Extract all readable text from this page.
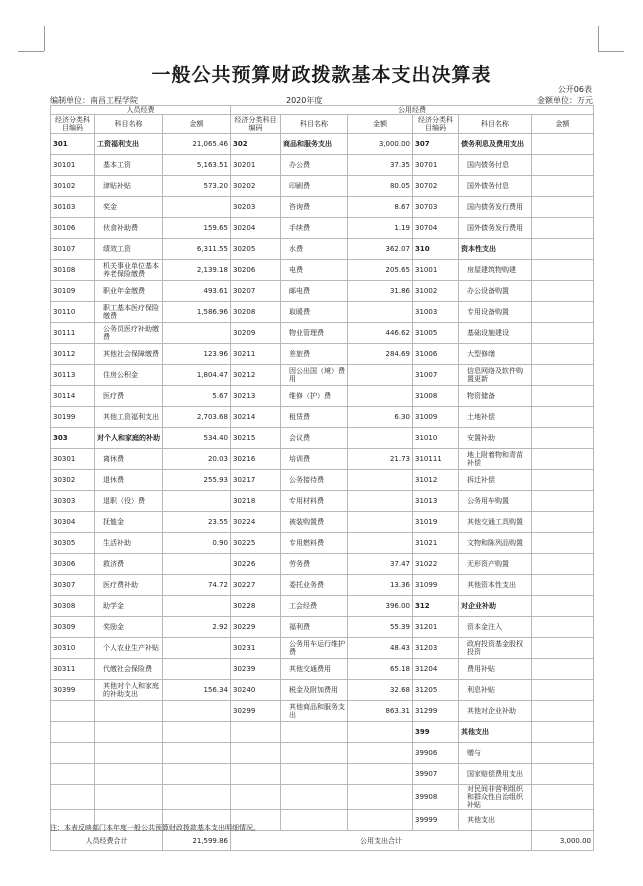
一般公共预算财政拨款基本支出决算表
公开06表
编制单位：南昌工程学院	2020年度	金额单位：万元
人员经费			公用经费					
经济分类科目编码	科目名称	金额	经济分类科目编码	科目名称	金额	经济分类科目编码	科目名称	金额
301	工资福利支出	21,065.46	302	商品和服务支出	3,000.00	307	债务利息及费用支出	
30101	基本工资	5,163.51	30201	办公费	37.35	30701	国内债务付息	
30102	津贴补贴	573.20	30202	印刷费	80.05	30702	国外债务付息	
30103	奖金		30203	咨询费	8.67	30703	国内债务发行费用	
30106	伙食补助费	159.65	30204	手续费	1.19	30704	国外债务发行费用	
30107	绩效工资	6,311.55	30205	水费	362.07	310	资本性支出	
30108	机关事业单位基本养老保险缴费	2,139.18	30206	电费	205.65	31001	房屋建筑物购建	
30109	职业年金缴费	493.61	30207	邮电费	31.86	31002	办公设备购置	
30110	职工基本医疗保险缴费	1,586.96	30208	取暖费		31003	专用设备购置	
30111	公务员医疗补助缴费		30209	物业管理费	446.62	31005	基础设施建设	
30112	其他社会保障缴费	123.96	30211	差旅费	284.69	31006	大型修缮	
30113	住房公积金	1,804.47	30212	因公出国（境）费用		31007	信息网络及软件购置更新	
30114	医疗费	5.67	30213	维修（护）费		31008	物资储备	
30199	其他工资福利支出	2,703.68	30214	租赁费	6.30	31009	土地补偿	
303	对个人和家庭的补助	534.40	30215	会议费		31010	安置补助	
30301	离休费	20.03	30216	培训费	21.73	310111	地上附着物和青苗补偿	
30302	退休费	255.93	30217	公务接待费		31012	拆迁补偿	
30303	退职（役）费		30218	专用材料费		31013	公务用车购置	
30304	抚恤金	23.55	30224	被装购置费		31019	其他交通工具购置	
30305	生活补助	0.90	30225	专用燃料费		31021	文物和陈列品购置	
30306	救济费		30226	劳务费	37.47	31022	无形资产购置	
30307	医疗费补助	74.72	30227	委托业务费	13.36	31099	其他资本性支出	
30308	助学金		30228	工会经费	396.00	312	对企业补助	
30309	奖励金	2.92	30229	福利费	55.39	31201	资本金注入	
30310	个人农业生产补贴		30231	公务用车运行维护费	48.43	31203	政府投资基金股权投资	
30311	代缴社会保险费		30239	其他交通费用	65.18	31204	费用补贴	
30399	其他对个人和家庭的补助支出	156.34	30240	税金及附加费用	32.68	31205	利息补贴	
			30299	其他商品和服务支出	863.31	31299	其他对企业补助	
						399	其他支出	
						39906	赠与	
						39907	国家赔偿费用支出	
						39908	对民间非营利组织和群众性自治组织补贴	
						39999	其他支出	
人员经费合计		21,599.86	公用支出合计					3,000.00
注：本表反映部门本年度一般公共预算财政拨款基本支出明细情况。
